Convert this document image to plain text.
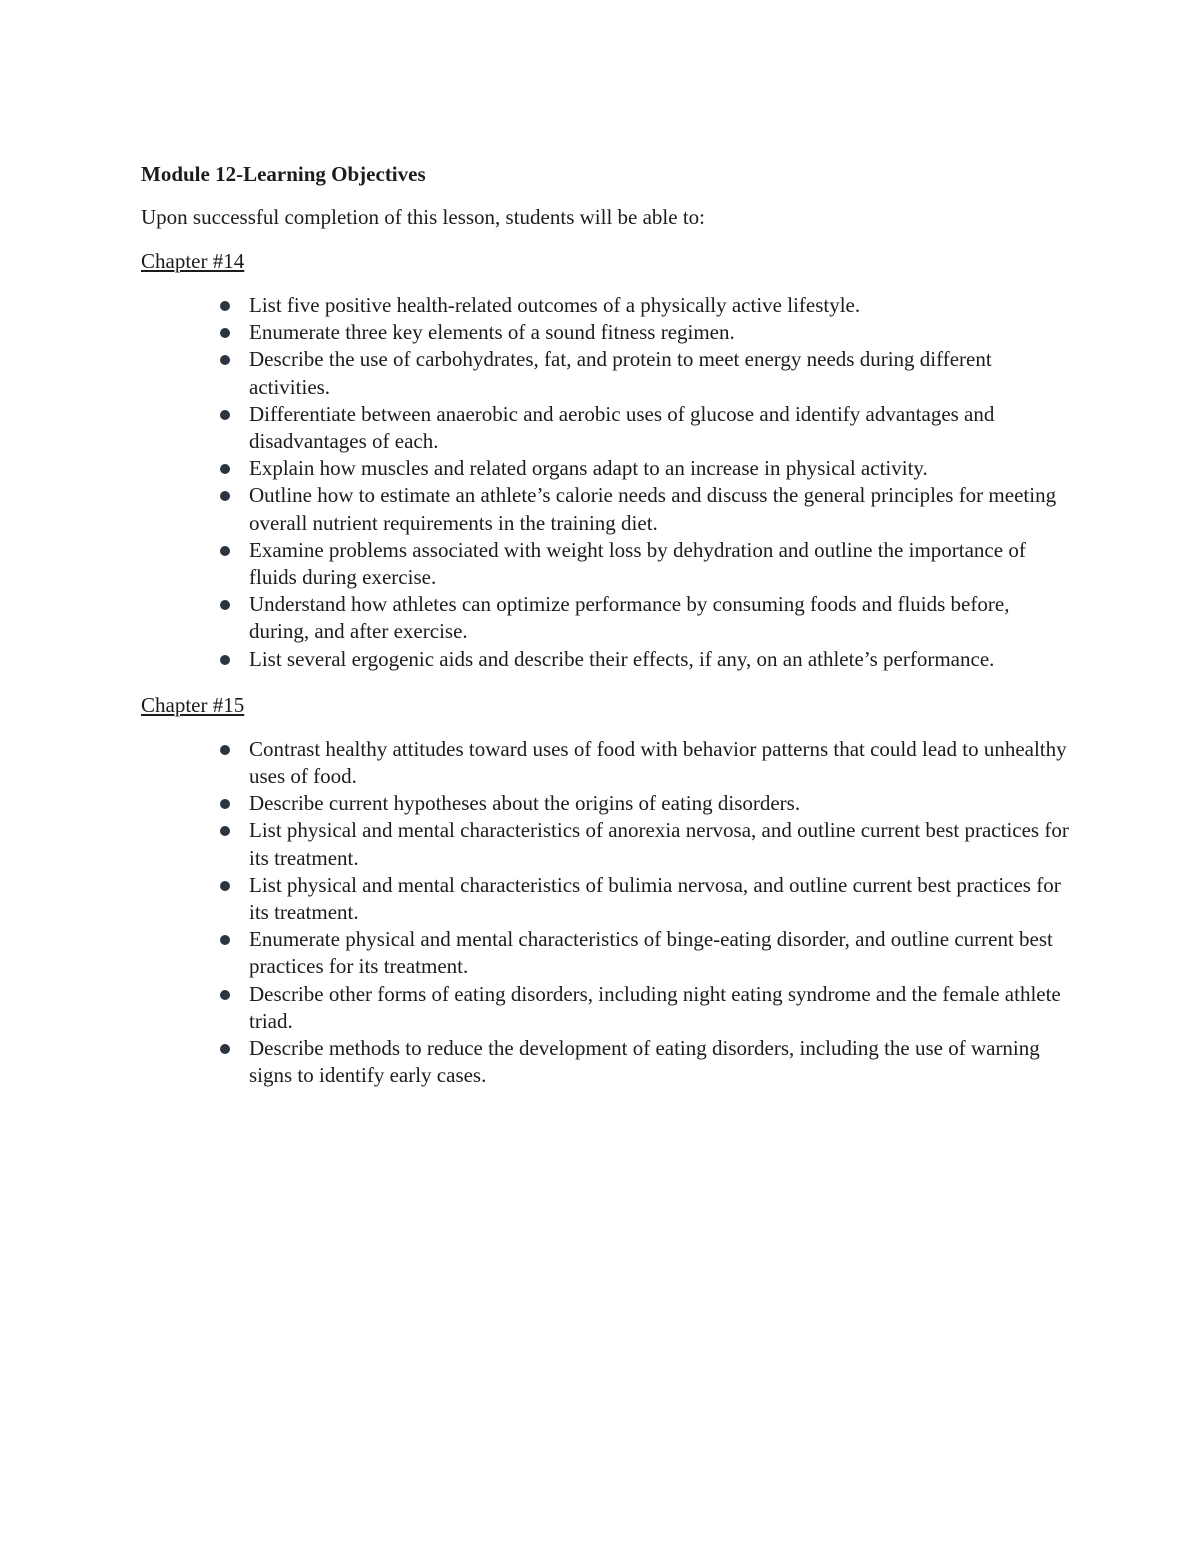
Module 12-Learning Objectives

Upon successful completion of this lesson, students will be able to:

Chapter #14

List five positive health-related outcomes of a physically active lifestyle.
Enumerate three key elements of a sound fitness regimen.
Describe the use of carbohydrates, fat, and protein to meet energy needs during different activities.
Differentiate between anaerobic and aerobic uses of glucose and identify advantages and disadvantages of each.
Explain how muscles and related organs adapt to an increase in physical activity.
Outline how to estimate an athlete’s calorie needs and discuss the general principles for meeting overall nutrient requirements in the training diet.
Examine problems associated with weight loss by dehydration and outline the importance of fluids during exercise.
Understand how athletes can optimize performance by consuming foods and fluids before, during, and after exercise.
List several ergogenic aids and describe their effects, if any, on an athlete’s performance.

Chapter #15

Contrast healthy attitudes toward uses of food with behavior patterns that could lead to unhealthy uses of food.
Describe current hypotheses about the origins of eating disorders.
List physical and mental characteristics of anorexia nervosa, and outline current best practices for its treatment.
List physical and mental characteristics of bulimia nervosa, and outline current best practices for its treatment.
Enumerate physical and mental characteristics of binge-eating disorder, and outline current best practices for its treatment.
Describe other forms of eating disorders, including night eating syndrome and the female athlete triad.
Describe methods to reduce the development of eating disorders, including the use of warning signs to identify early cases.
